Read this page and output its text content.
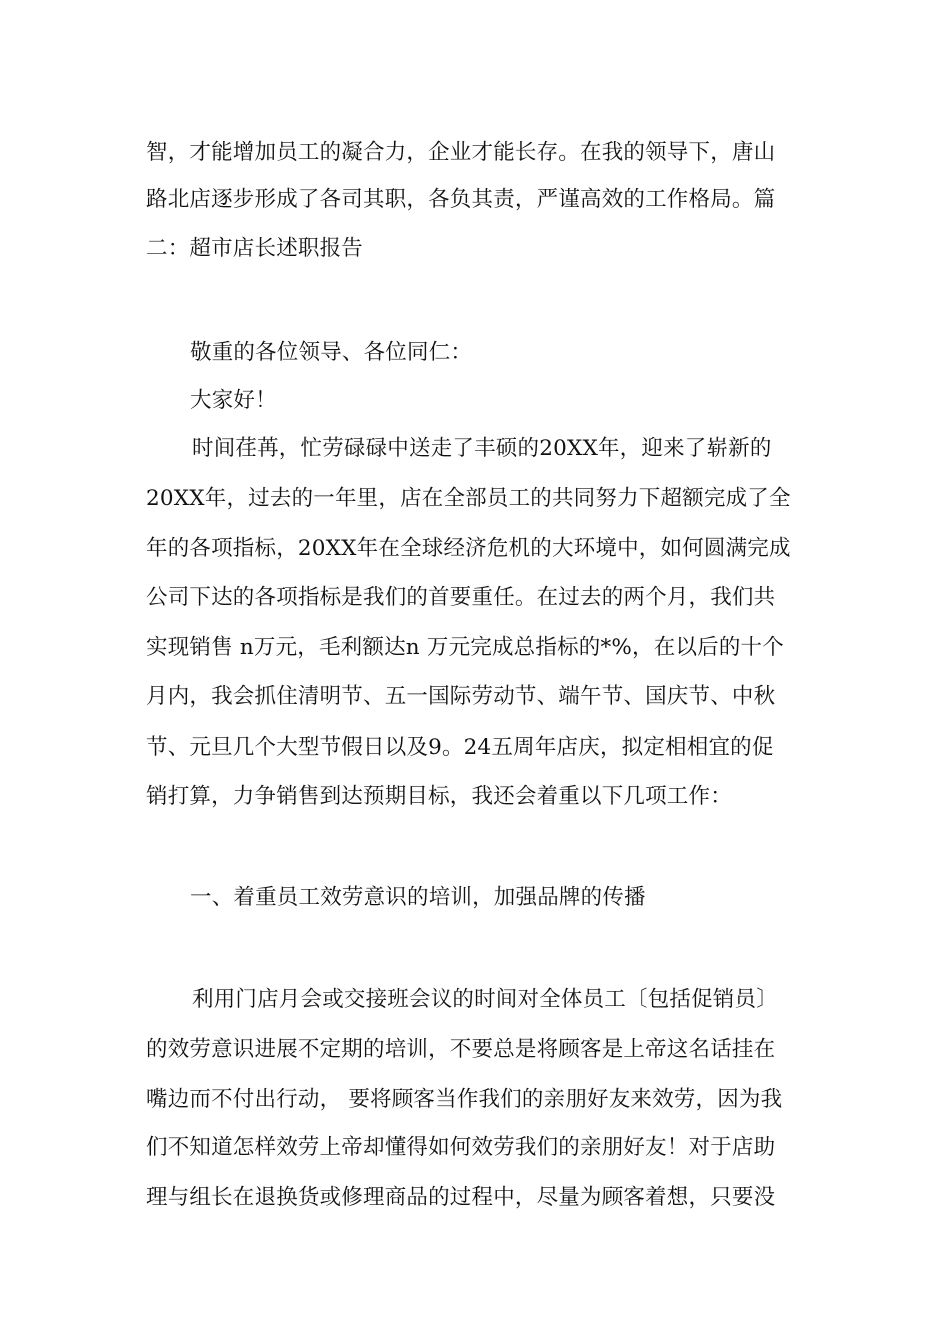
智，才能增加员工的凝合力，企业才能长存。在我的领导下，唐山
路北店逐步形成了各司其职，各负其责，严谨高效的工作格局。篇
二：超市店长述职报告
敬重的各位领导、各位同仁：
大家好！
时间荏苒，忙劳碌碌中送走了丰硕的20XX年，迎来了崭新的
20XX年，过去的一年里，店在全部员工的共同努力下超额完成了全
年的各项指标，20XX年在全球经济危机的大环境中，如何圆满完成
公司下达的各项指标是我们的首要重任。在过去的两个月，我们共
实现销售 n万元，毛利额达n 万元完成总指标的*%，在以后的十个
月内，我会抓住清明节、五一国际劳动节、端午节、国庆节、中秋
节、元旦几个大型节假日以及9。24五周年店庆，拟定相相宜的促
销打算，力争销售到达预期目标，我还会着重以下几项工作：
一、着重员工效劳意识的培训，加强品牌的传播
利用门店月会或交接班会议的时间对全体员工〔包括促销员〕
的效劳意识进展不定期的培训，不要总是将顾客是上帝这名话挂在
嘴边而不付出行动， 要将顾客当作我们的亲朋好友来效劳，因为我
们不知道怎样效劳上帝却懂得如何效劳我们的亲朋好友！对于店助
理与组长在退换货或修理商品的过程中，尽量为顾客着想，只要没
